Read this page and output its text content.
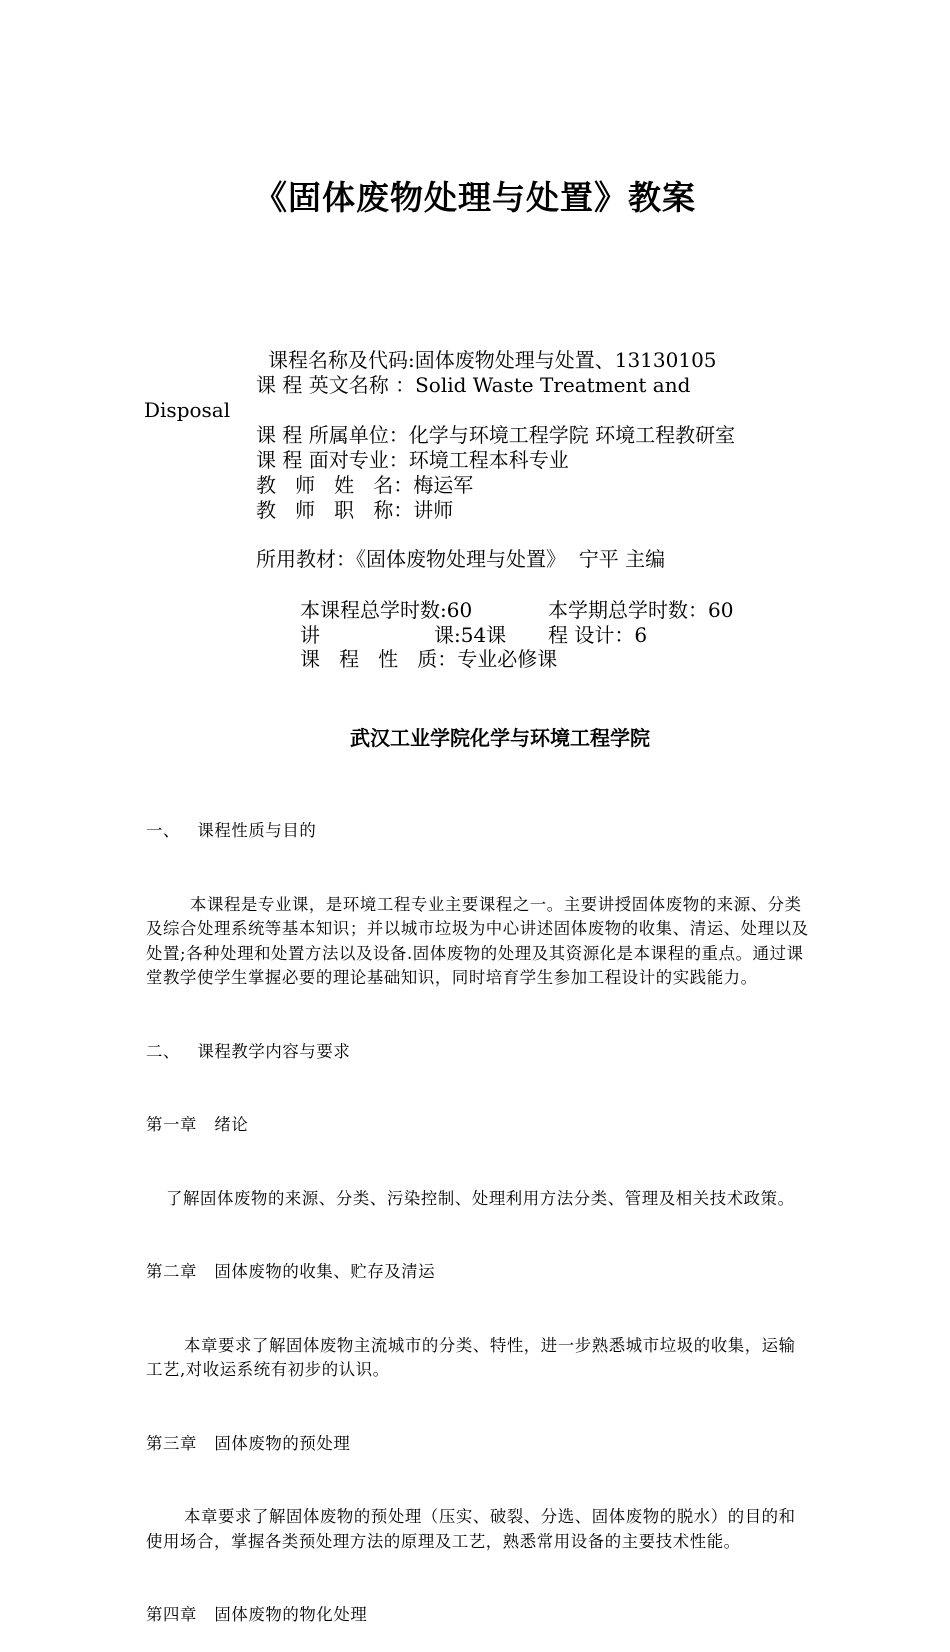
《固体废物处理与处置》教案
课程名称及代码:固体废物处理与处置、13130105
课 程 英文名称 ：Solid Waste Treatment and
Disposal
课 程 所属单位：化学与环境工程学院 环境工程教研室
课 程 面对专业：环境工程本科专业
教   师   姓   名：梅运军
教   师   职   称：讲师
所用教材：《固体废物处理与处置》  宁平 主编
本课程总学时数:60	本学期总学时数：60
讲	课:54课 程 设计：6
课   程   性   质：专业必修课
武汉工业学院化学与环境工程学院

一、   课程性质与目的

本课程是专业课，是环境工程专业主要课程之一。主要讲授固体废物的来源、分类及综合处理系统等基本知识；并以城市垃圾为中心讲述固体废物的收集、清运、处理以及处置;各种处理和处置方法以及设备.固体废物的处理及其资源化是本课程的重点。通过课堂教学使学生掌握必要的理论基础知识，同时培育学生参加工程设计的实践能力。

二、   课程教学内容与要求

第一章   绪论

了解固体废物的来源、分类、污染控制、处理利用方法分类、管理及相关技术政策。

第二章   固体废物的收集、贮存及清运

本章要求了解固体废物主流城市的分类、特性，进一步熟悉城市垃圾的收集，运输工艺,对收运系统有初步的认识。

第三章   固体废物的预处理

本章要求了解固体废物的预处理（压实、破裂、分选、固体废物的脱水）的目的和使用场合，掌握各类预处理方法的原理及工艺，熟悉常用设备的主要技术性能。

第四章   固体废物的物化处理
